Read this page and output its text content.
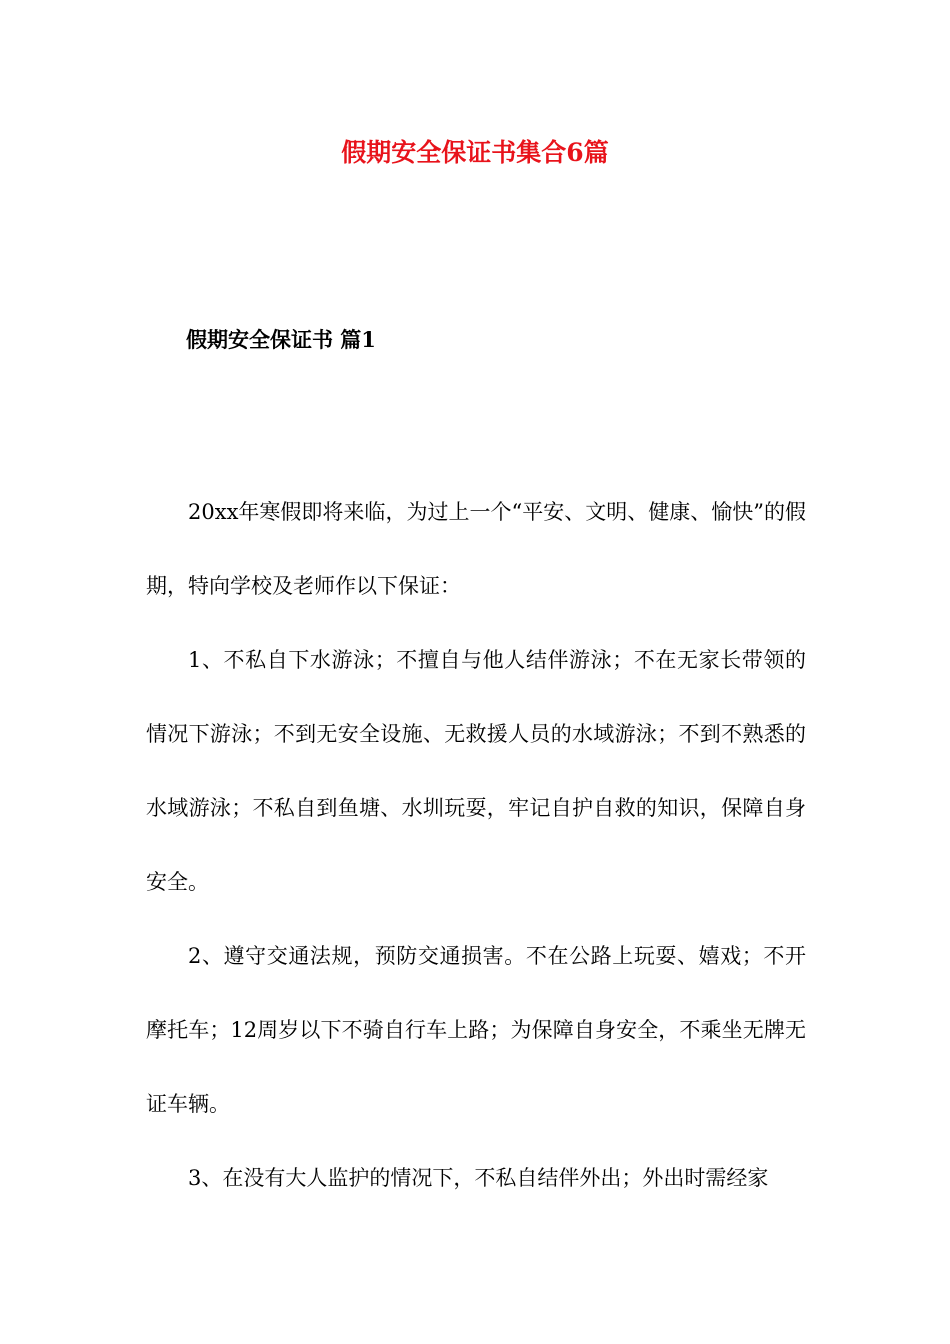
假期安全保证书集合6篇
假期安全保证书 篇1

20xx年寒假即将来临，为过上一个“平安、文明、健康、愉快”的假期，特向学校及老师作以下保证：

1、不私自下水游泳；不擅自与他人结伴游泳；不在无家长带领的情况下游泳；不到无安全设施、无救援人员的水域游泳；不到不熟悉的水域游泳；不私自到鱼塘、水圳玩耍，牢记自护自救的知识，保障自身安全。

2、遵守交通法规，预防交通损害。不在公路上玩耍、嬉戏；不开摩托车；12周岁以下不骑自行车上路；为保障自身安全，不乘坐无牌无证车辆。

3、在没有大人监护的情况下，不私自结伴外出；外出时需经家
